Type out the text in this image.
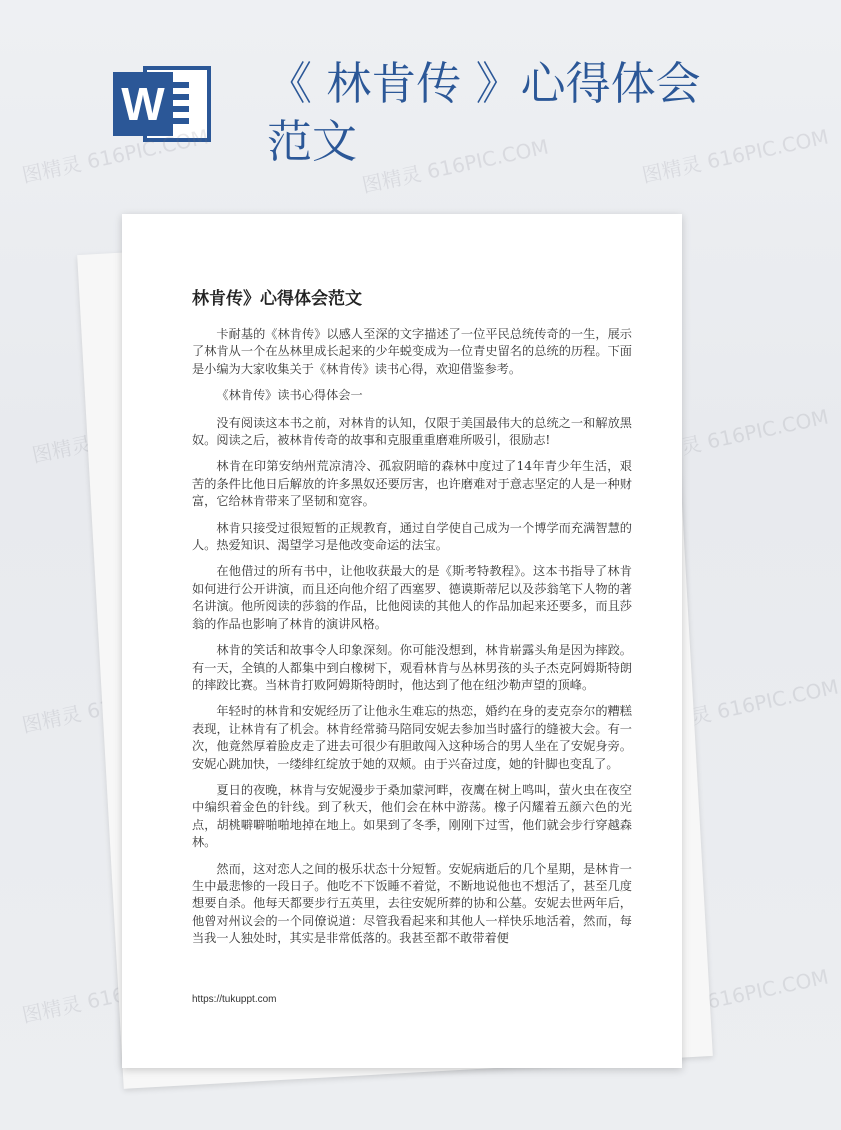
W 《 林肯传 》心得体会范文
图精灵 616PIC.COM	图精灵 616PIC.COM	图精灵 616PIC.COM
图精灵	图精灵 616PIC.COM
图精灵	图精灵 616PIC.COM
图精灵 616PIC.COM	图精灵 616PIC.COM
林肯传》心得体会范文

卡耐基的《林肯传》以感人至深的文字描述了一位平民总统传奇的一生，展示了林肯从一个在丛林里成长起来的少年蜕变成为一位青史留名的总统的历程。下面是小编为大家收集关于《林肯传》读书心得，欢迎借鉴参考。

《林肯传》读书心得体会一

没有阅读这本书之前，对林肯的认知，仅限于美国最伟大的总统之一和解放黑奴。阅读之后，被林肯传奇的故事和克服重重磨难所吸引，很励志!

林肯在印第安纳州荒凉清冷、孤寂阴暗的森林中度过了14年青少年生活，艰苦的条件比他日后解放的许多黑奴还要厉害，也许磨难对于意志坚定的人是一种财富，它给林肯带来了坚韧和宽容。

林肯只接受过很短暂的正规教育，通过自学使自己成为一个博学而充满智慧的人。热爱知识、渴望学习是他改变命运的法宝。

在他借过的所有书中，让他收获最大的是《斯考特教程》。这本书指导了林肯如何进行公开讲演，而且还向他介绍了西塞罗、德谟斯蒂尼以及莎翁笔下人物的著名讲演。他所阅读的莎翁的作品，比他阅读的其他人的作品加起来还要多，而且莎翁的作品也影响了林肯的演讲风格。

林肯的笑话和故事令人印象深刻。你可能没想到，林肯崭露头角是因为摔跤。有一天，全镇的人都集中到白橡树下，观看林肯与丛林男孩的头子杰克阿姆斯特朗的摔跤比赛。当林肯打败阿姆斯特朗时，他达到了他在纽沙勒声望的顶峰。

年轻时的林肯和安妮经历了让他永生难忘的热恋，婚约在身的麦克奈尔的糟糕表现，让林肯有了机会。林肯经常骑马陪同安妮去参加当时盛行的缝被大会。有一次，他竟然厚着脸皮走了进去可很少有胆敢闯入这种场合的男人坐在了安妮身旁。安妮心跳加快，一缕绯红绽放于她的双颊。由于兴奋过度，她的针脚也变乱了。

夏日的夜晚，林肯与安妮漫步于桑加蒙河畔，夜鹰在树上鸣叫，萤火虫在夜空中编织着金色的针线。到了秋天，他们会在林中游荡。橡子闪耀着五颜六色的光点，胡桃噼噼啪啪地掉在地上。如果到了冬季，刚刚下过雪，他们就会步行穿越森林。

然而，这对恋人之间的极乐状态十分短暂。安妮病逝后的几个星期，是林肯一生中最悲惨的一段日子。他吃不下饭睡不着觉，不断地说他也不想活了，甚至几度想要自杀。他每天都要步行五英里，去往安妮所葬的协和公墓。安妮去世两年后，他曾对州议会的一个同僚说道：尽管我看起来和其他人一样快乐地活着，然而，每当我一人独处时，其实是非常低落的。我甚至都不敢带着便

https://tukuppt.com
